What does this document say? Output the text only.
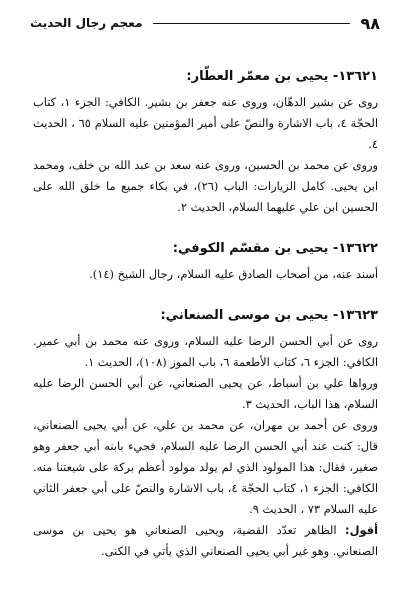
٩٨
معجم رجال الحديث
١٣٦٢١- يحيى بن معمّر العطّار:

روى عن بشير الدهّان، وروى عنه جعفر بن بشير. الكافي: الجزء ١، كتاب الحجّة ٤، باب الاشارة والنصّ على أمير المؤمنين عليه السلام ٦٥ ، الحديث ٤.

وروى عن محمد بن الحسين، وروى عنه سعد بن عبد الله بن خلف، ومحمد ابن يحيى. كامل الزيارات: الباب (٢٦)، في بكاء جميع ما خلق الله على الحسين ابن علي عليهما السلام، الحديث ٢.

١٣٦٢٢- يحيى بن مقسّم الكوفي:

أسند عنه، من أصحاب الصادق عليه السلام، رجال الشيخ (١٤).

١٣٦٢٣- يحيى بن موسى الصنعاني:

روى عن أبي الحسن الرضا عليه السلام، وروى عنه محمد بن أبي عمير. الكافي: الجزء ٦، كتاب الأطعمة ٦، باب الموز (١٠٨)، الحديث ١.

ورواها علي بن أسباط، عن يحيى الصنعاني، عن أبي الحسن الرضا عليه السلام، هذا الباب، الحديث ٣.

وروى عن أحمد بن مهران، عن محمد بن علي، عن أبي يحيى الصنعاني، قال: كنت عند أبي الحسن الرضا عليه السلام، فجيء بابنه أبي جعفر وهو صغير، فقال: هذا المولود الذي لم يولد مولود أعظم بركة على شيعتنا منه. الكافي: الجزء ١، كتاب الحجّة ٤، باب الاشارة والنصّ على أبي جعفر الثاني عليه السلام ٧٣ ، الحديث ٩.

أقول: الظاهر تعدّد القضية، ويحيى الصنعاني هو يحيى بن موسى الصنعاني. وهو غير أبي يحيى الصنعاني الذي يأتي في الكنى.
